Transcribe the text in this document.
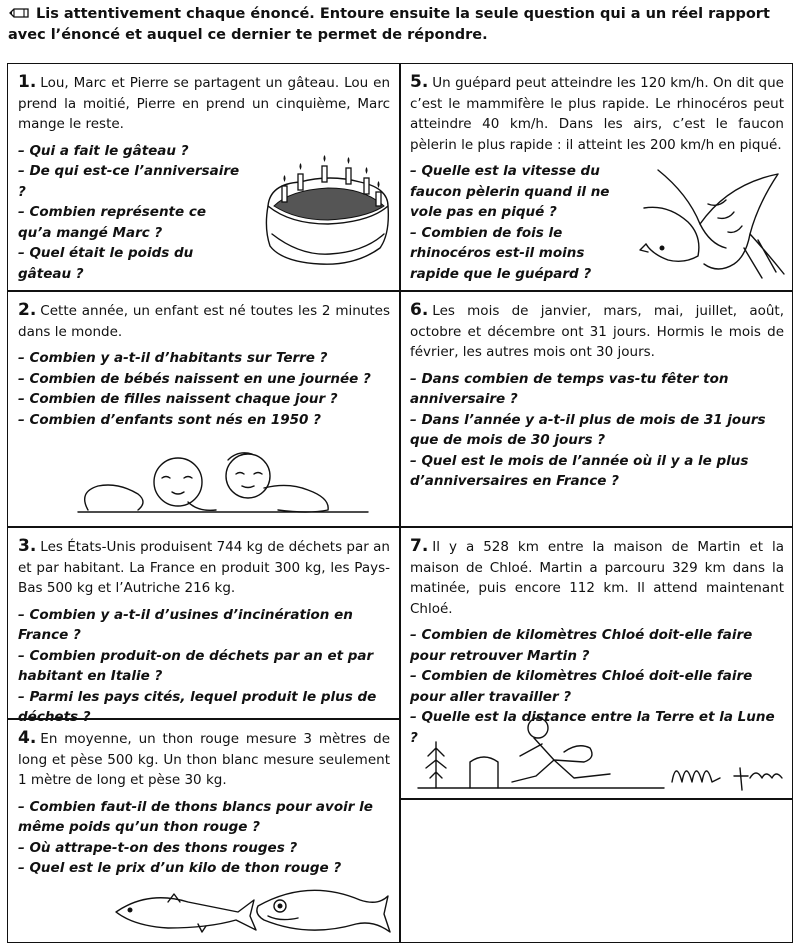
Lis attentivement chaque énoncé. Entoure ensuite la seule question qui a un réel rapport avec l’énoncé et auquel ce dernier te permet de répondre.
1. Lou, Marc et Pierre se partagent un gâteau. Lou en prend la moitié, Pierre en prend un cinquième, Marc mange le reste.
– Qui a fait le gâteau ?
– De qui est-ce l’anniversaire ?
– Combien représente ce qu’a mangé Marc ?
– Quel était le poids du gâteau ?
2. Cette année, un enfant est né toutes les 2 minutes dans le monde.
– Combien y a-t-il d’habitants sur Terre ?
– Combien de bébés naissent en une journée ?
– Combien de filles naissent chaque jour ?
– Combien d’enfants sont nés en 1950 ?
3. Les États-Unis produisent 744 kg de déchets par an et par habitant. La France en produit 300 kg, les Pays-Bas 500 kg et l’Autriche 216 kg.
– Combien y a-t-il d’usines d’incinération en France ?
– Combien produit-on de déchets par an et par habitant en Italie ?
– Parmi les pays cités, lequel produit le plus de déchets ?
4. En moyenne, un thon rouge mesure 3 mètres de long et pèse 500 kg. Un thon blanc mesure seulement 1 mètre de long et pèse 30 kg.
– Combien faut-il de thons blancs pour avoir le même poids qu’un thon rouge ?
– Où attrape-t-on des thons rouges ?
– Quel est le prix d’un kilo de thon rouge ?
5. Un guépard peut atteindre les 120 km/h. On dit que c’est le mammifère le plus rapide. Le rhinocéros peut atteindre 40 km/h. Dans les airs, c’est le faucon pèlerin le plus rapide : il atteint les 200 km/h en piqué.
– Quelle est la vitesse du faucon pèlerin quand il ne vole pas en piqué ?
– Combien de fois le rhinocéros est-il moins rapide que le guépard ?
6. Les mois de janvier, mars, mai, juillet, août, octobre et décembre ont 31 jours. Hormis le mois de février, les autres mois ont 30 jours.
– Dans combien de temps vas-tu fêter ton anniversaire ?
– Dans l’année y a-t-il plus de mois de 31 jours que de mois de 30 jours ?
– Quel est le mois de l’année où il y a le plus d’anniversaires en France ?
7. Il y a 528 km entre la maison de Martin et la maison de Chloé. Martin a parcouru 329 km dans la matinée, puis encore 112 km. Il attend maintenant Chloé.
– Combien de kilomètres Chloé doit-elle faire pour retrouver Martin ?
– Combien de kilomètres Chloé doit-elle faire pour aller travailler ?
– Quelle est la distance entre la Terre et la Lune ?
